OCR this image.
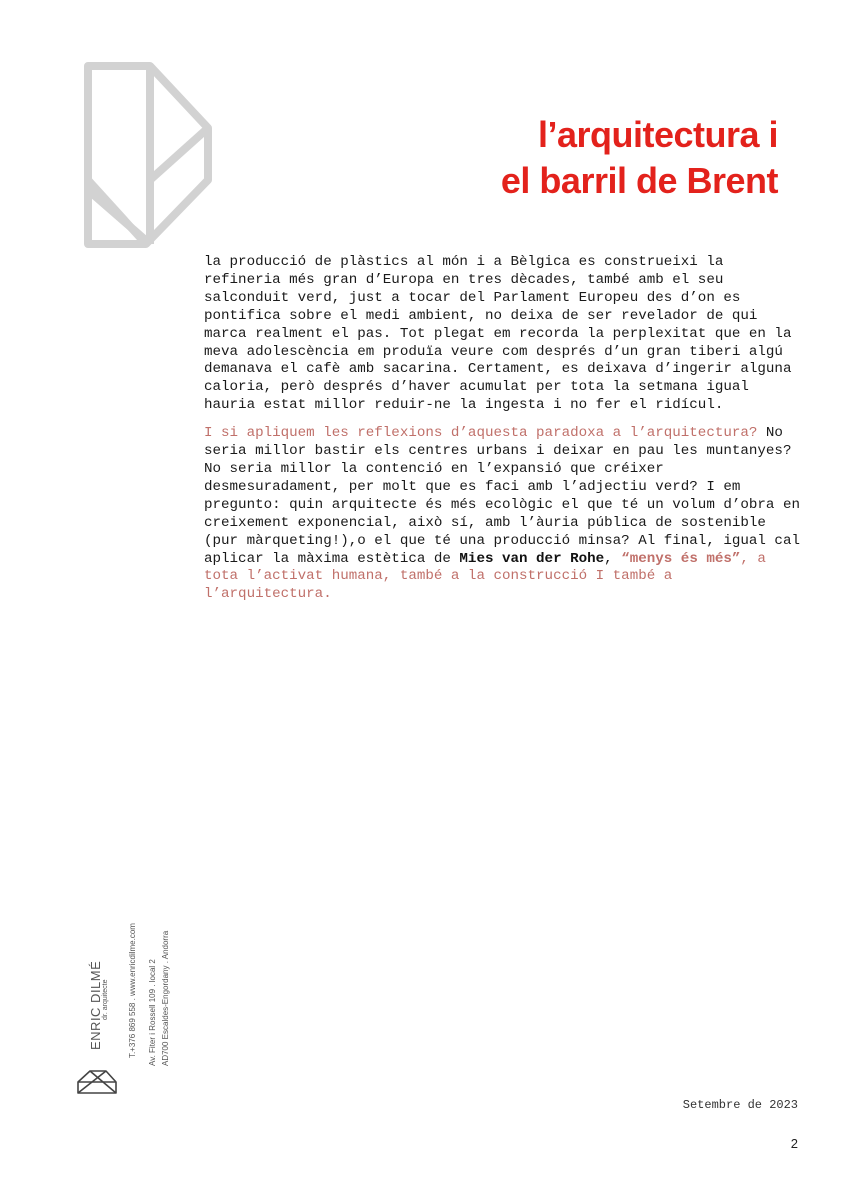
l’arquitectura i
el barril de Brent

la producció de plàstics al món i a Bèlgica es construeixi la refineria més gran d’Europa en tres dècades, també amb el seu salconduit verd, just a tocar del Parlament Europeu des d’on es pontifica sobre el medi ambient, no deixa de ser revelador de qui marca realment el pas. Tot plegat em recorda la perplexitat que en la meva adolescència em produïa veure com després d’un gran tiberi algú demanava el cafè amb sacarina. Certament, es deixava d’ingerir alguna caloria, però després d’haver acumulat per tota la setmana igual hauria estat millor reduir-ne la ingesta i no fer el ridícul.

I si apliquem les reflexions d’aquesta paradoxa a l’arquitectura? No seria millor bastir els centres urbans i deixar en pau les muntanyes? No seria millor la contenció en l’expansió que créixer desmesuradament, per molt que es faci amb l’adjectiu verd? I em pregunto: quin arquitecte és més ecològic el que té un volum d’obra en creixement exponencial, això sí, amb l’àuria pública de sostenible (pur màrqueting!),o el que té una producció minsa? Al final, igual cal aplicar la màxima estètica de Mies van der Rohe, “menys és més”, a tota l’activat humana, també a la construcció I també a l’arquitectura.

ENRIC DILMÉ dr. arquitecte T.+376 869 558 . www.enricdilme.com Av. Fiter i Rossell 109 . local 2 AD700 Escaldes-Engordany . Andorra
Setembre de 2023
2
